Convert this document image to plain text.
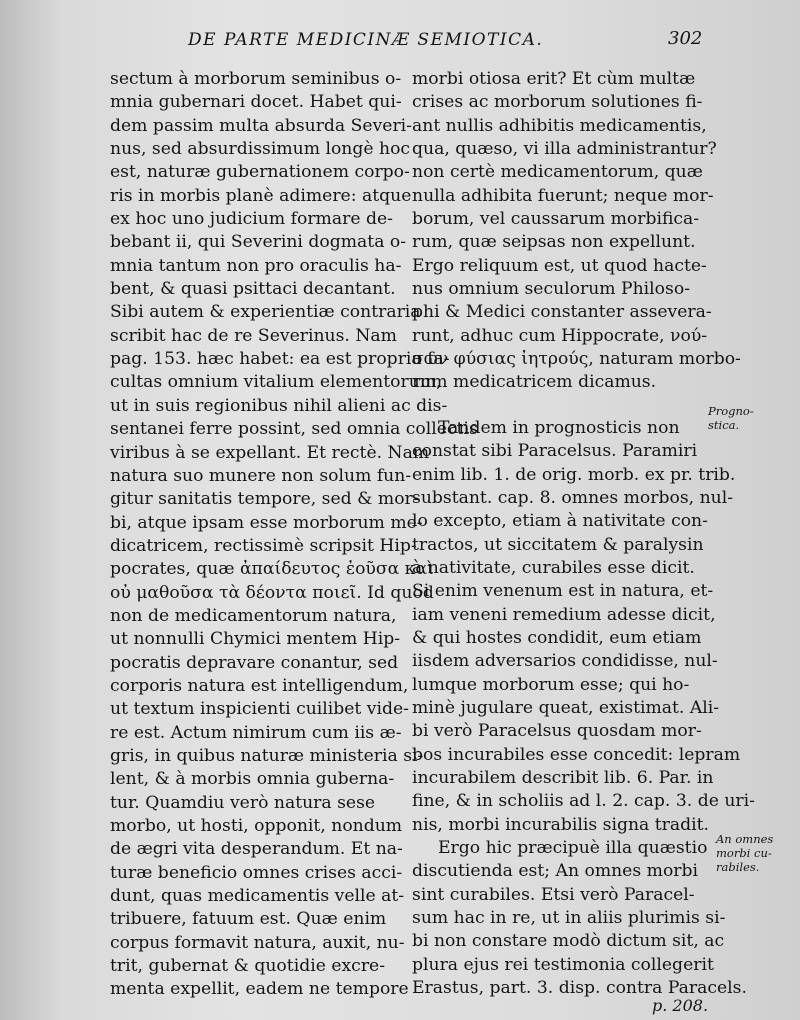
DE PARTE MEDICINÆ SEMIOTICA.	302
sectum à morborum seminibus o-
mnia gubernari docet. Habet qui-
dem passim multa absurda Severi-
nus, sed absurdissimum longè hoc
est, naturæ gubernationem corpo-
ris in morbis planè adimere: atque
ex hoc uno judicium formare de-
bebant ii, qui Severini dogmata o-
mnia tantum non pro oraculis ha-
bent, & quasi psittaci decantant.
Sibi autem & experientiæ contraria
scribit hac de re Severinus. Nam
pag. 153. hæc habet: ea est propria fa-
cultas omnium vitalium elementorum,
ut in suis regionibus nihil alieni ac dis-
sentanei ferre possint, sed omnia collectis
viribus à se expellant. Et rectè. Nam
natura suo munere non solum fun-
gitur sanitatis tempore, sed & mor-
bi, atque ipsam esse morborum me-
dicatricem, rectissimè scripsit Hip-
pocrates, quæ ἀπαίδευτος ἐοῦσα καὶ
οὐ μαθοῦσα τὰ δέοντα ποιεῖ. Id quod
non de medicamentorum natura,
ut nonnulli Chymici mentem Hip-
pocratis depravare conantur, sed
corporis natura est intelligendum,
ut textum inspicienti cuilibet vide-
re est. Actum nimirum cum iis æ-
gris, in quibus naturæ ministeria si-
lent, & à morbis omnia guberna-
tur. Quamdiu verò natura sese
morbo, ut hosti, opponit, nondum
de ægri vita desperandum. Et na-
turæ beneficio omnes crises acci-
dunt, quas medicamentis velle at-
tribuere, fatuum est. Quæ enim
corpus formavit natura, auxit, nu-
trit, gubernat & quotidie excre-
menta expellit, eadem ne tempore
morbi otiosa erit? Et cùm multæ
crises ac morborum solutiones fi-
ant nullis adhibitis medicamentis,
qua, quæso, vi illa administrantur?
non certè medicamentorum, quæ
nulla adhibita fuerunt; neque mor-
borum, vel caussarum morbifica-
rum, quæ seipsas non expellunt.
Ergo reliquum est, ut quod hacte-
nus omnium seculorum Philoso-
phi & Medici constanter assevera-
runt, adhuc cum Hippocrate, νού-
σων φύσιας ἰητρούς, naturam morbo-
rum medicatricem dicamus.
Tandem in prognosticis non
constat sibi Paracelsus. Paramiri
enim lib. 1. de orig. morb. ex pr. trib.
substant. cap. 8. omnes morbos, nul-
lo excepto, etiam à nativitate con-
tractos, ut siccitatem & paralysin
à nativitate, curabiles esse dicit.
Si enim venenum est in natura, et-
iam veneni remedium adesse dicit,
& qui hostes condidit, eum etiam
iisdem adversarios condidisse, nul-
lumque morborum esse; qui ho-
minè jugulare queat, existimat. Ali-
bi verò Paracelsus quosdam mor-
bos incurabiles esse concedit: lepram
incurabilem describit lib. 6. Par. in
fine, & in scholiis ad l. 2. cap. 3. de uri-
nis, morbi incurabilis signa tradit.
Ergo hic præcipuè illa quæstio
discutienda est; An omnes morbi
sint curabiles. Etsi verò Paracel-
sum hac in re, ut in aliis plurimis si-
bi non constare modò dictum sit, ac
plura ejus rei testimonia collegerit
Erastus, part. 3. disp. contra Paracels.
Progno-
stica.
An omnes
morbi cu-
rabiles.
p. 208.
